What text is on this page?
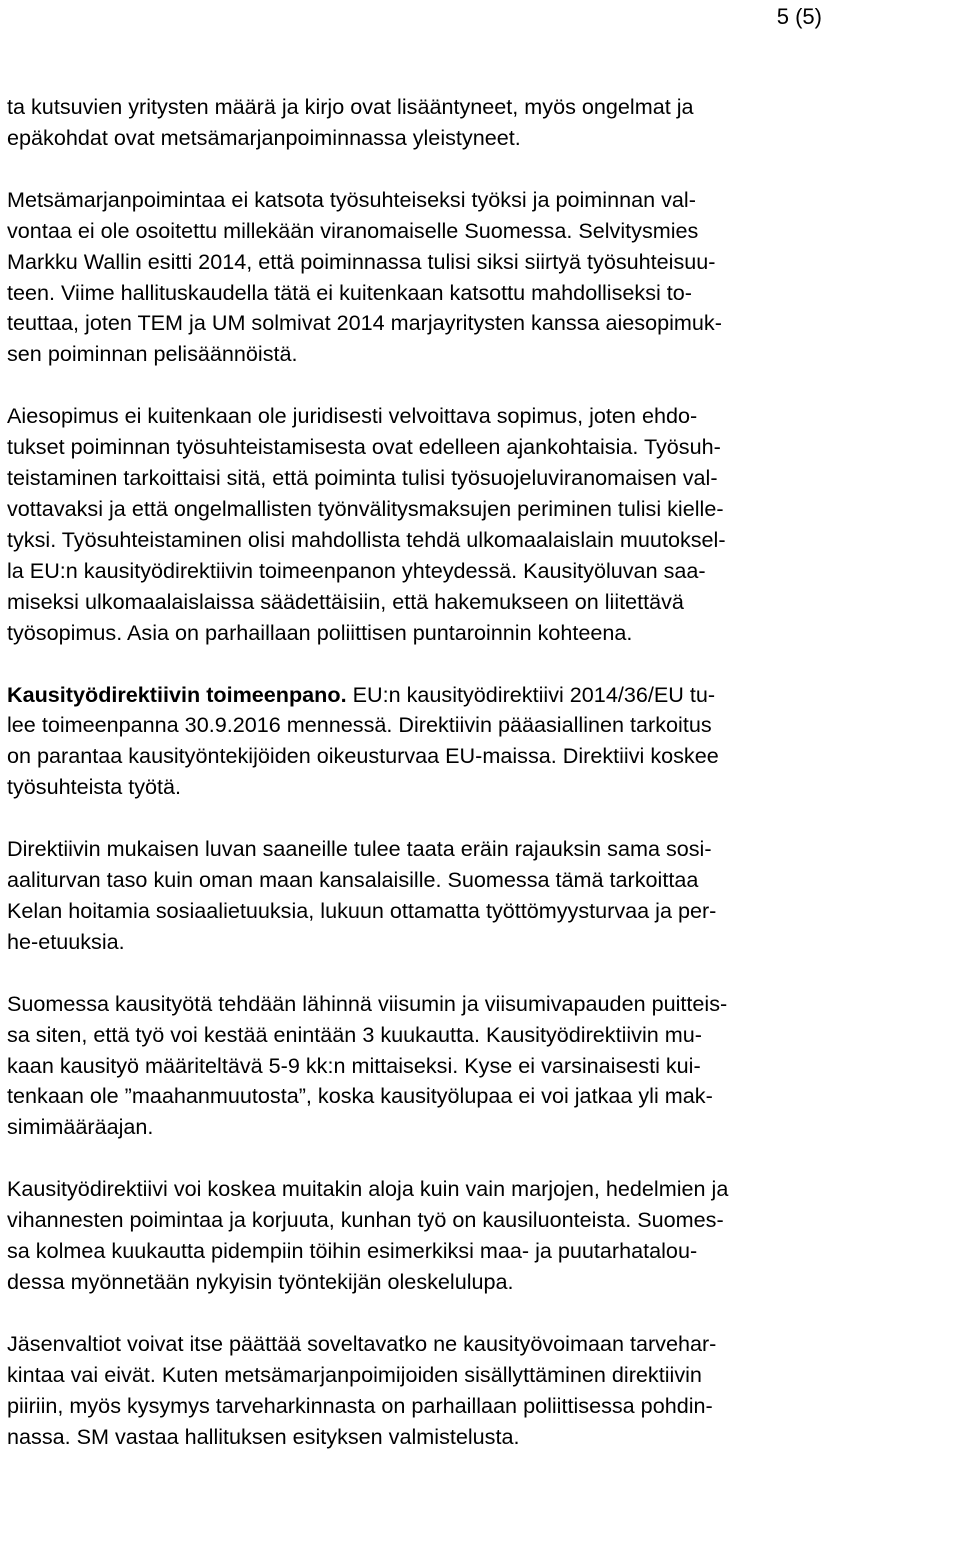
5 (5)

ta kutsuvien yritysten määrä ja kirjo ovat lisääntyneet, myös ongelmat ja
epäkohdat ovat metsämarjanpoiminnassa yleistyneet.

Metsämarjanpoimintaa ei katsota työsuhteiseksi työksi ja poiminnan val-
vontaa ei ole osoitettu millekään viranomaiselle Suomessa. Selvitysmies
Markku Wallin esitti 2014, että poiminnassa tulisi siksi siirtyä työsuhteisuu-
teen. Viime hallituskaudella tätä ei kuitenkaan katsottu mahdolliseksi to-
teuttaa, joten TEM ja UM solmivat 2014 marjayritysten kanssa aiesopimuk-
sen poiminnan pelisäännöistä.

Aiesopimus ei kuitenkaan ole juridisesti velvoittava sopimus, joten ehdo-
tukset poiminnan työsuhteistamisesta ovat edelleen ajankohtaisia. Työsuh-
teistaminen tarkoittaisi sitä, että poiminta tulisi työsuojeluviranomaisen val-
vottavaksi ja että ongelmallisten työnvälitysmaksujen periminen tulisi kielle-
tyksi. Työsuhteistaminen olisi mahdollista tehdä ulkomaalaislain muutoksel-
la EU:n kausityödirektiivin toimeenpanon yhteydessä. Kausityöluvan saa-
miseksi ulkomaalaislaissa säädettäisiin, että hakemukseen on liitettävä
työsopimus. Asia on parhaillaan poliittisen puntaroinnin kohteena.

Kausityödirektiivin toimeenpano. EU:n kausityödirektiivi 2014/36/EU tu-
lee toimeenpanna 30.9.2016 mennessä. Direktiivin pääasiallinen tarkoitus
on parantaa kausityöntekijöiden oikeusturvaa EU-maissa. Direktiivi koskee
työsuhteista työtä.

Direktiivin mukaisen luvan saaneille tulee taata eräin rajauksin sama sosi-
aaliturvan taso kuin oman maan kansalaisille. Suomessa tämä tarkoittaa
Kelan hoitamia sosiaalietuuksia, lukuun ottamatta työttömyysturvaa ja per-
he-etuuksia.

Suomessa kausityötä tehdään lähinnä viisumin ja viisumivapauden puitteis-
sa siten, että työ voi kestää enintään 3 kuukautta. Kausityödirektiivin mu-
kaan kausityö määriteltävä 5-9 kk:n mittaiseksi. Kyse ei varsinaisesti kui-
tenkaan ole ”maahanmuutosta”, koska kausityölupaa ei voi jatkaa yli mak-
simimääräajan.

Kausityödirektiivi voi koskea muitakin aloja kuin vain marjojen, hedelmien ja
vihannesten poimintaa ja korjuuta, kunhan työ on kausiluonteista. Suomes-
sa kolmea kuukautta pidempiin töihin esimerkiksi maa- ja puutarhatalou-
dessa myönnetään nykyisin työntekijän oleskelulupa.

Jäsenvaltiot voivat itse päättää soveltavatko ne kausityövoimaan tarvehar-
kintaa vai eivät. Kuten metsämarjanpoimijoiden sisällyttäminen direktiivin
piiriin, myös kysymys tarveharkinnasta on parhaillaan poliittisessa pohdin-
nassa. SM vastaa hallituksen esityksen valmistelusta.
